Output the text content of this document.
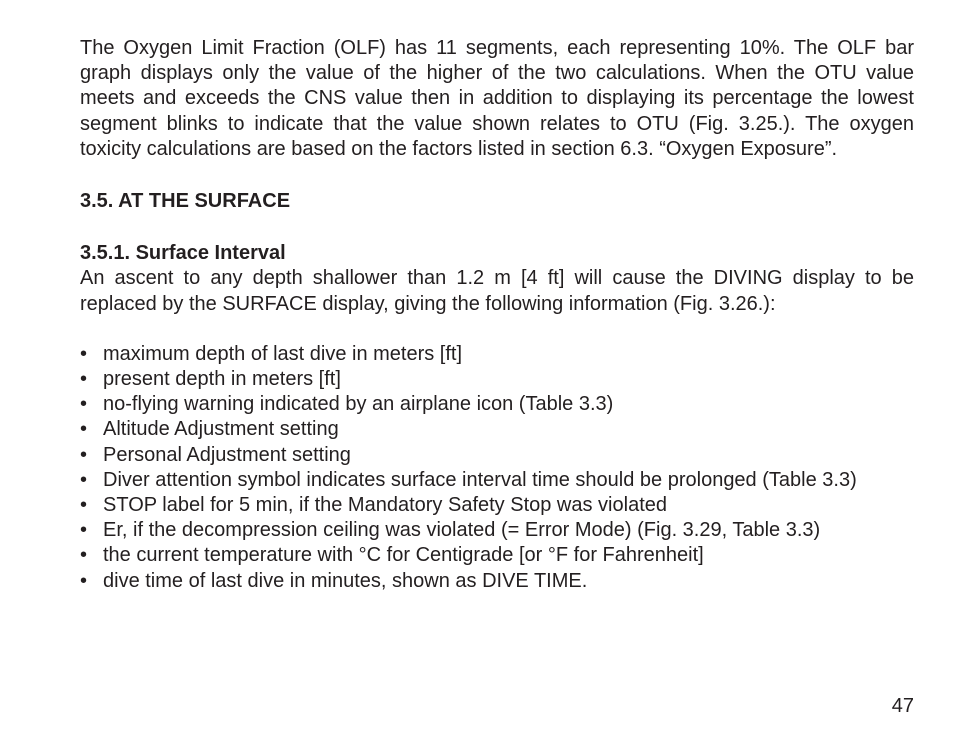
The Oxygen Limit Fraction (OLF) has 11 segments, each representing 10%. The OLF bar graph displays only the value of the higher of the two calculations. When the OTU value meets and exceeds the CNS value then in addition to displaying its percentage the lowest segment blinks to indicate that the value shown relates to OTU (Fig. 3.25.). The oxygen toxicity calculations are based on the factors listed in section 6.3. “Oxygen Exposure”.

3.5. AT THE SURFACE

3.5.1. Surface Interval

An ascent to any depth shallower than 1.2 m [4 ft] will cause the DIVING display to be replaced by the SURFACE display, giving the following information (Fig. 3.26.):

• maximum depth of last dive in meters [ft]
• present depth in meters [ft]
• no-flying warning indicated by an airplane icon (Table 3.3)
• Altitude Adjustment setting
• Personal Adjustment setting
• Diver attention symbol indicates surface interval time should be prolonged (Table 3.3)
• STOP label for 5 min, if the Mandatory Safety Stop was violated
• Er, if the decompression ceiling was violated (= Error Mode) (Fig. 3.29, Table 3.3)
• the current temperature with °C for Centigrade [or °F for Fahrenheit]
• dive time of last dive in minutes, shown as DIVE TIME.
47
